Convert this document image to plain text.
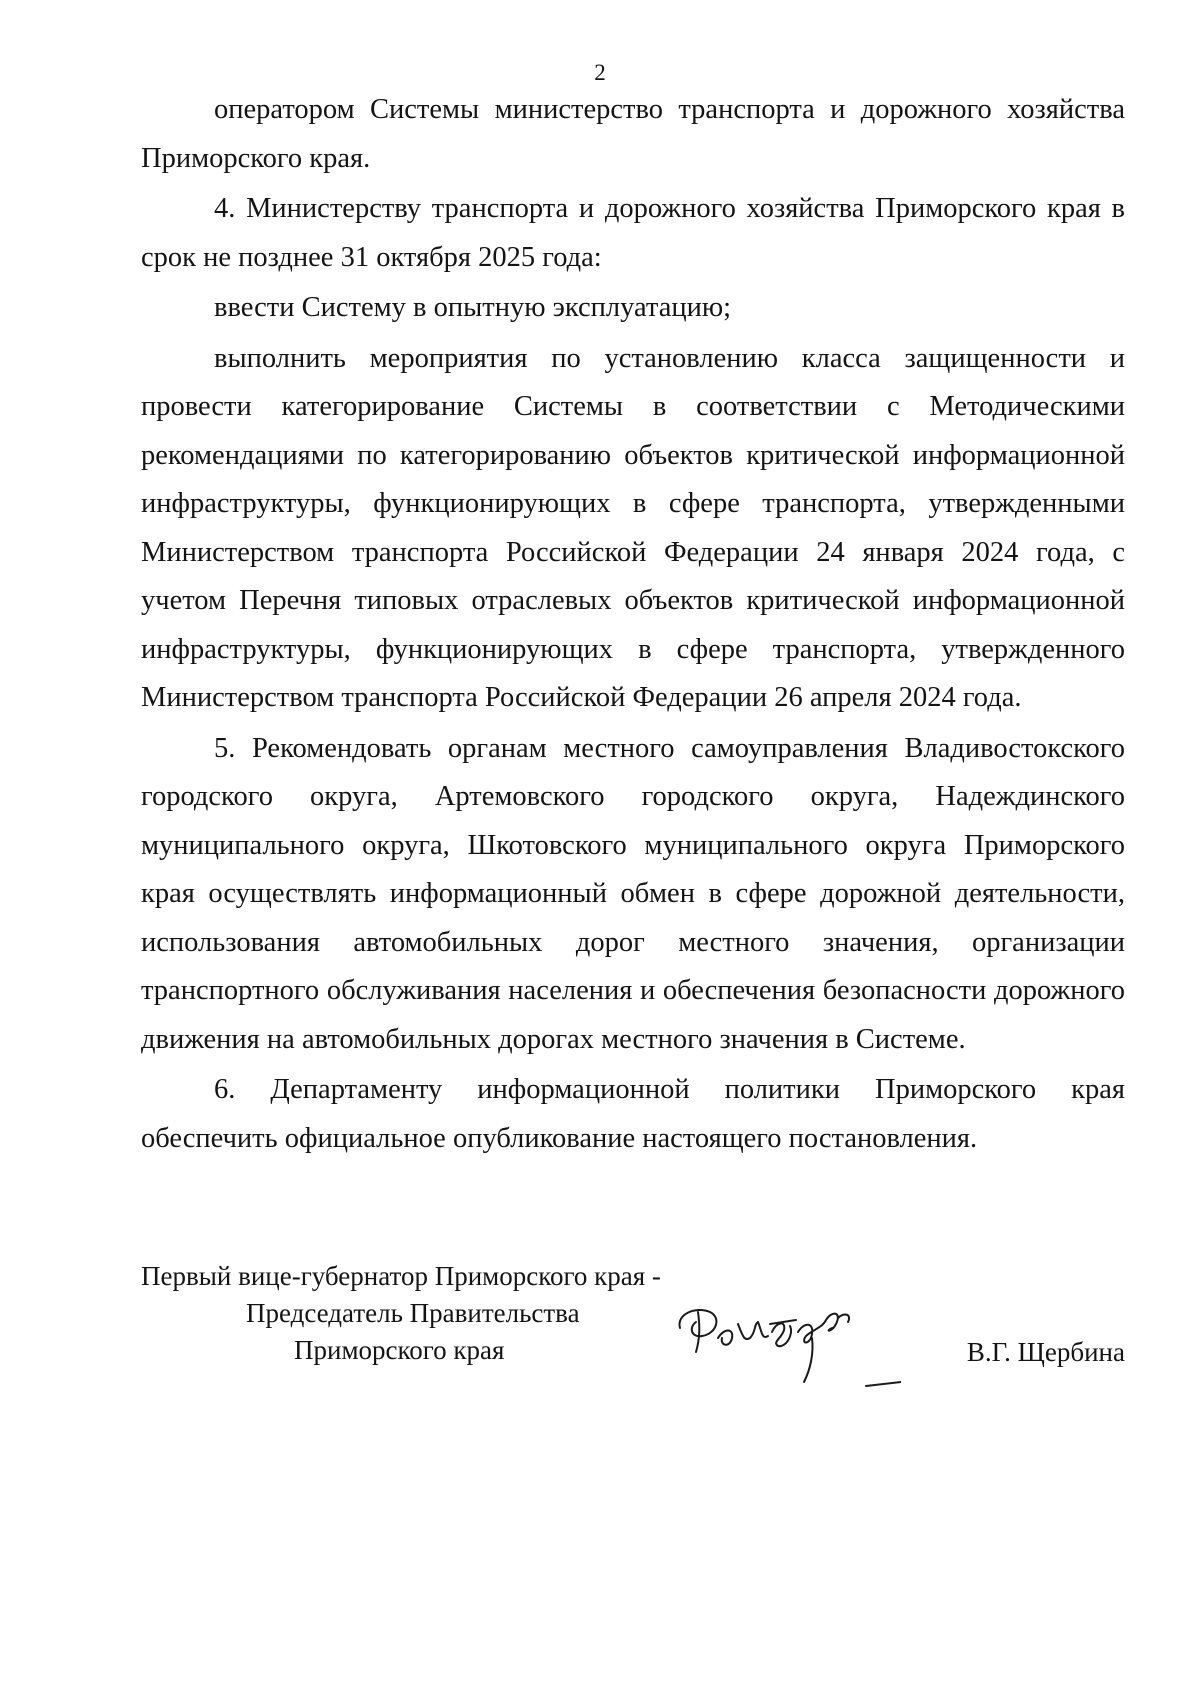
2

оператором Системы министерство транспорта и дорожного хозяйства Приморского края.

4. Министерству транспорта и дорожного хозяйства Приморского края в срок не позднее 31 октября 2025 года:

ввести Систему в опытную эксплуатацию;

выполнить мероприятия по установлению класса защищенности и провести категорирование Системы в соответствии с Методическими рекомендациями по категорированию объектов критической информационной инфраструктуры, функционирующих в сфере транспорта, утвержденными Министерством транспорта Российской Федерации 24 января 2024 года, с учетом Перечня типовых отраслевых объектов критической информационной инфраструктуры, функционирующих в сфере транспорта, утвержденного Министерством транспорта Российской Федерации 26 апреля 2024 года.

5. Рекомендовать органам местного самоуправления Владивостокского городского округа, Артемовского городского округа, Надеждинского муниципального округа, Шкотовского муниципального округа Приморского края осуществлять информационный обмен в сфере дорожной деятельности, использования автомобильных дорог местного значения, организации транспортного обслуживания населения и обеспечения безопасности дорожного движения на автомобильных дорогах местного значения в Системе.

6. Департаменту информационной политики Приморского края обеспечить официальное опубликование настоящего постановления.

Первый вице-губернатор Приморского края -
Председатель Правительства
Приморского края	В.Г. Щербина
